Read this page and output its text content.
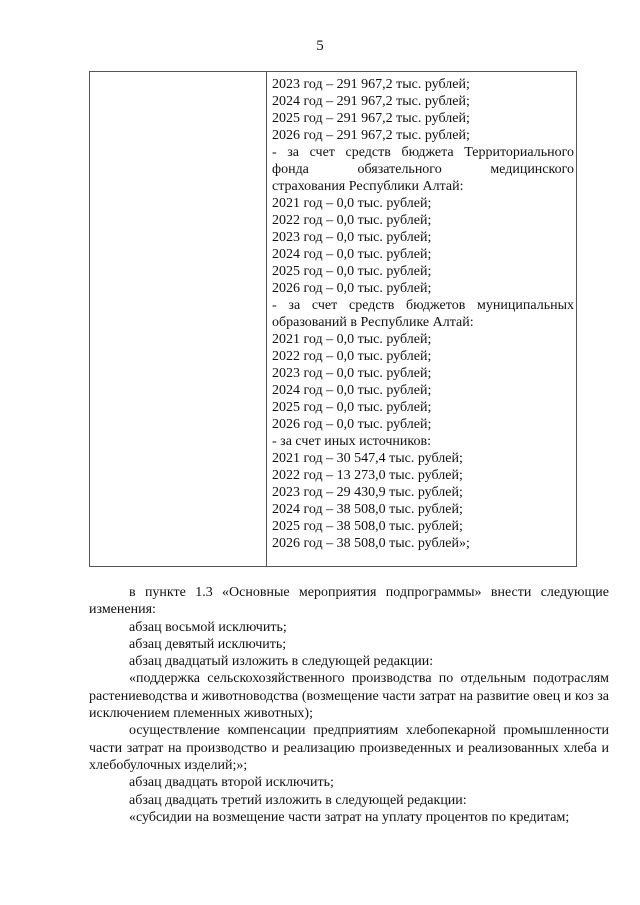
5
2023 год – 291 967,2 тыс. рублей;
2024 год – 291 967,2 тыс. рублей;
2025 год – 291 967,2 тыс. рублей;
2026 год – 291 967,2 тыс. рублей;
- за счет средств бюджета Территориального
фонда обязательного медицинского
страхования Республики Алтай:
2021 год – 0,0 тыс. рублей;
2022 год – 0,0 тыс. рублей;
2023 год – 0,0 тыс. рублей;
2024 год – 0,0 тыс. рублей;
2025 год – 0,0 тыс. рублей;
2026 год – 0,0 тыс. рублей;
- за счет средств бюджетов муниципальных
образований в Республике Алтай:
2021 год – 0,0 тыс. рублей;
2022 год – 0,0 тыс. рублей;
2023 год – 0,0 тыс. рублей;
2024 год – 0,0 тыс. рублей;
2025 год – 0,0 тыс. рублей;
2026 год – 0,0 тыс. рублей;
- за счет иных источников:
2021 год – 30 547,4 тыс. рублей;
2022 год – 13 273,0 тыс. рублей;
2023 год – 29 430,9 тыс. рублей;
2024 год – 38 508,0 тыс. рублей;
2025 год – 38 508,0 тыс. рублей;
2026 год – 38 508,0 тыс. рублей»;

в пункте 1.3 «Основные мероприятия подпрограммы» внести следующие изменения:

абзац восьмой исключить;

абзац девятый исключить;

абзац двадцатый изложить в следующей редакции:

«поддержка сельскохозяйственного производства по отдельным подотраслям растениеводства и животноводства (возмещение части затрат на развитие овец и коз за исключением племенных животных);

осуществление компенсации предприятиям хлебопекарной промышленности части затрат на производство и реализацию произведенных и реализованных хлеба и хлебобулочных изделий;»;

абзац двадцать второй исключить;

абзац двадцать третий изложить в следующей редакции:

«субсидии на возмещение части затрат на уплату процентов по кредитам;
